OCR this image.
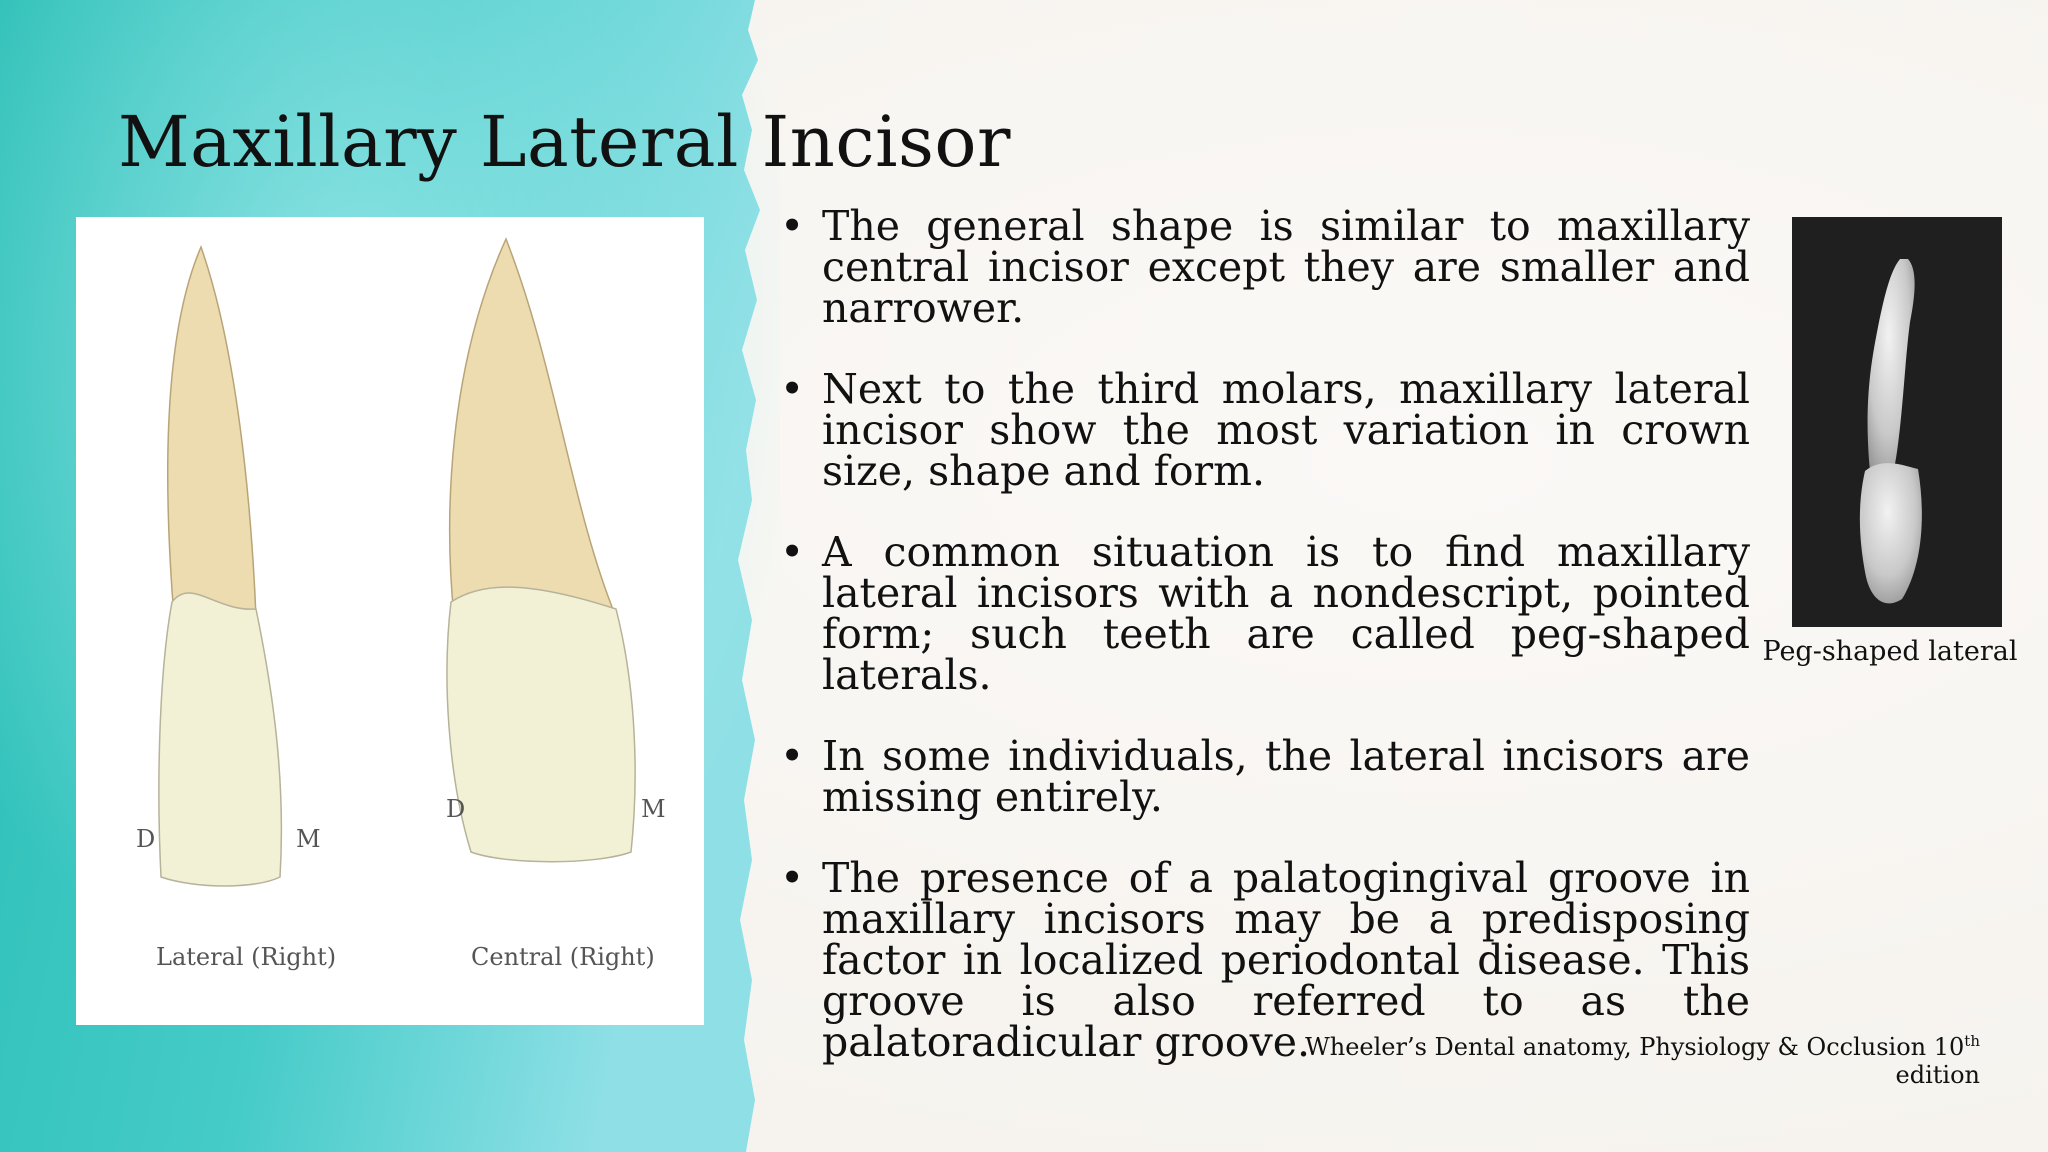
Maxillary Lateral Incisor
D	M
Lateral (Right)
D	M
Central (Right)
• The general shape is similar to maxillary central incisor except they are smaller and narrower.
• Next to the third molars, maxillary lateral incisor show the most variation in crown size, shape and form.
• A common situation is to find maxillary lateral incisors with a nondescript, pointed form; such teeth are called peg-shaped laterals.
• In some individuals, the lateral incisors are missing entirely.
• The presence of a palatogingival groove in maxillary incisors may be a predisposing factor in localized periodontal disease. This groove is also referred to as the palatoradicular groove.
Peg-shaped lateral
Wheeler’s Dental anatomy, Physiology & Occlusion 10th edition
